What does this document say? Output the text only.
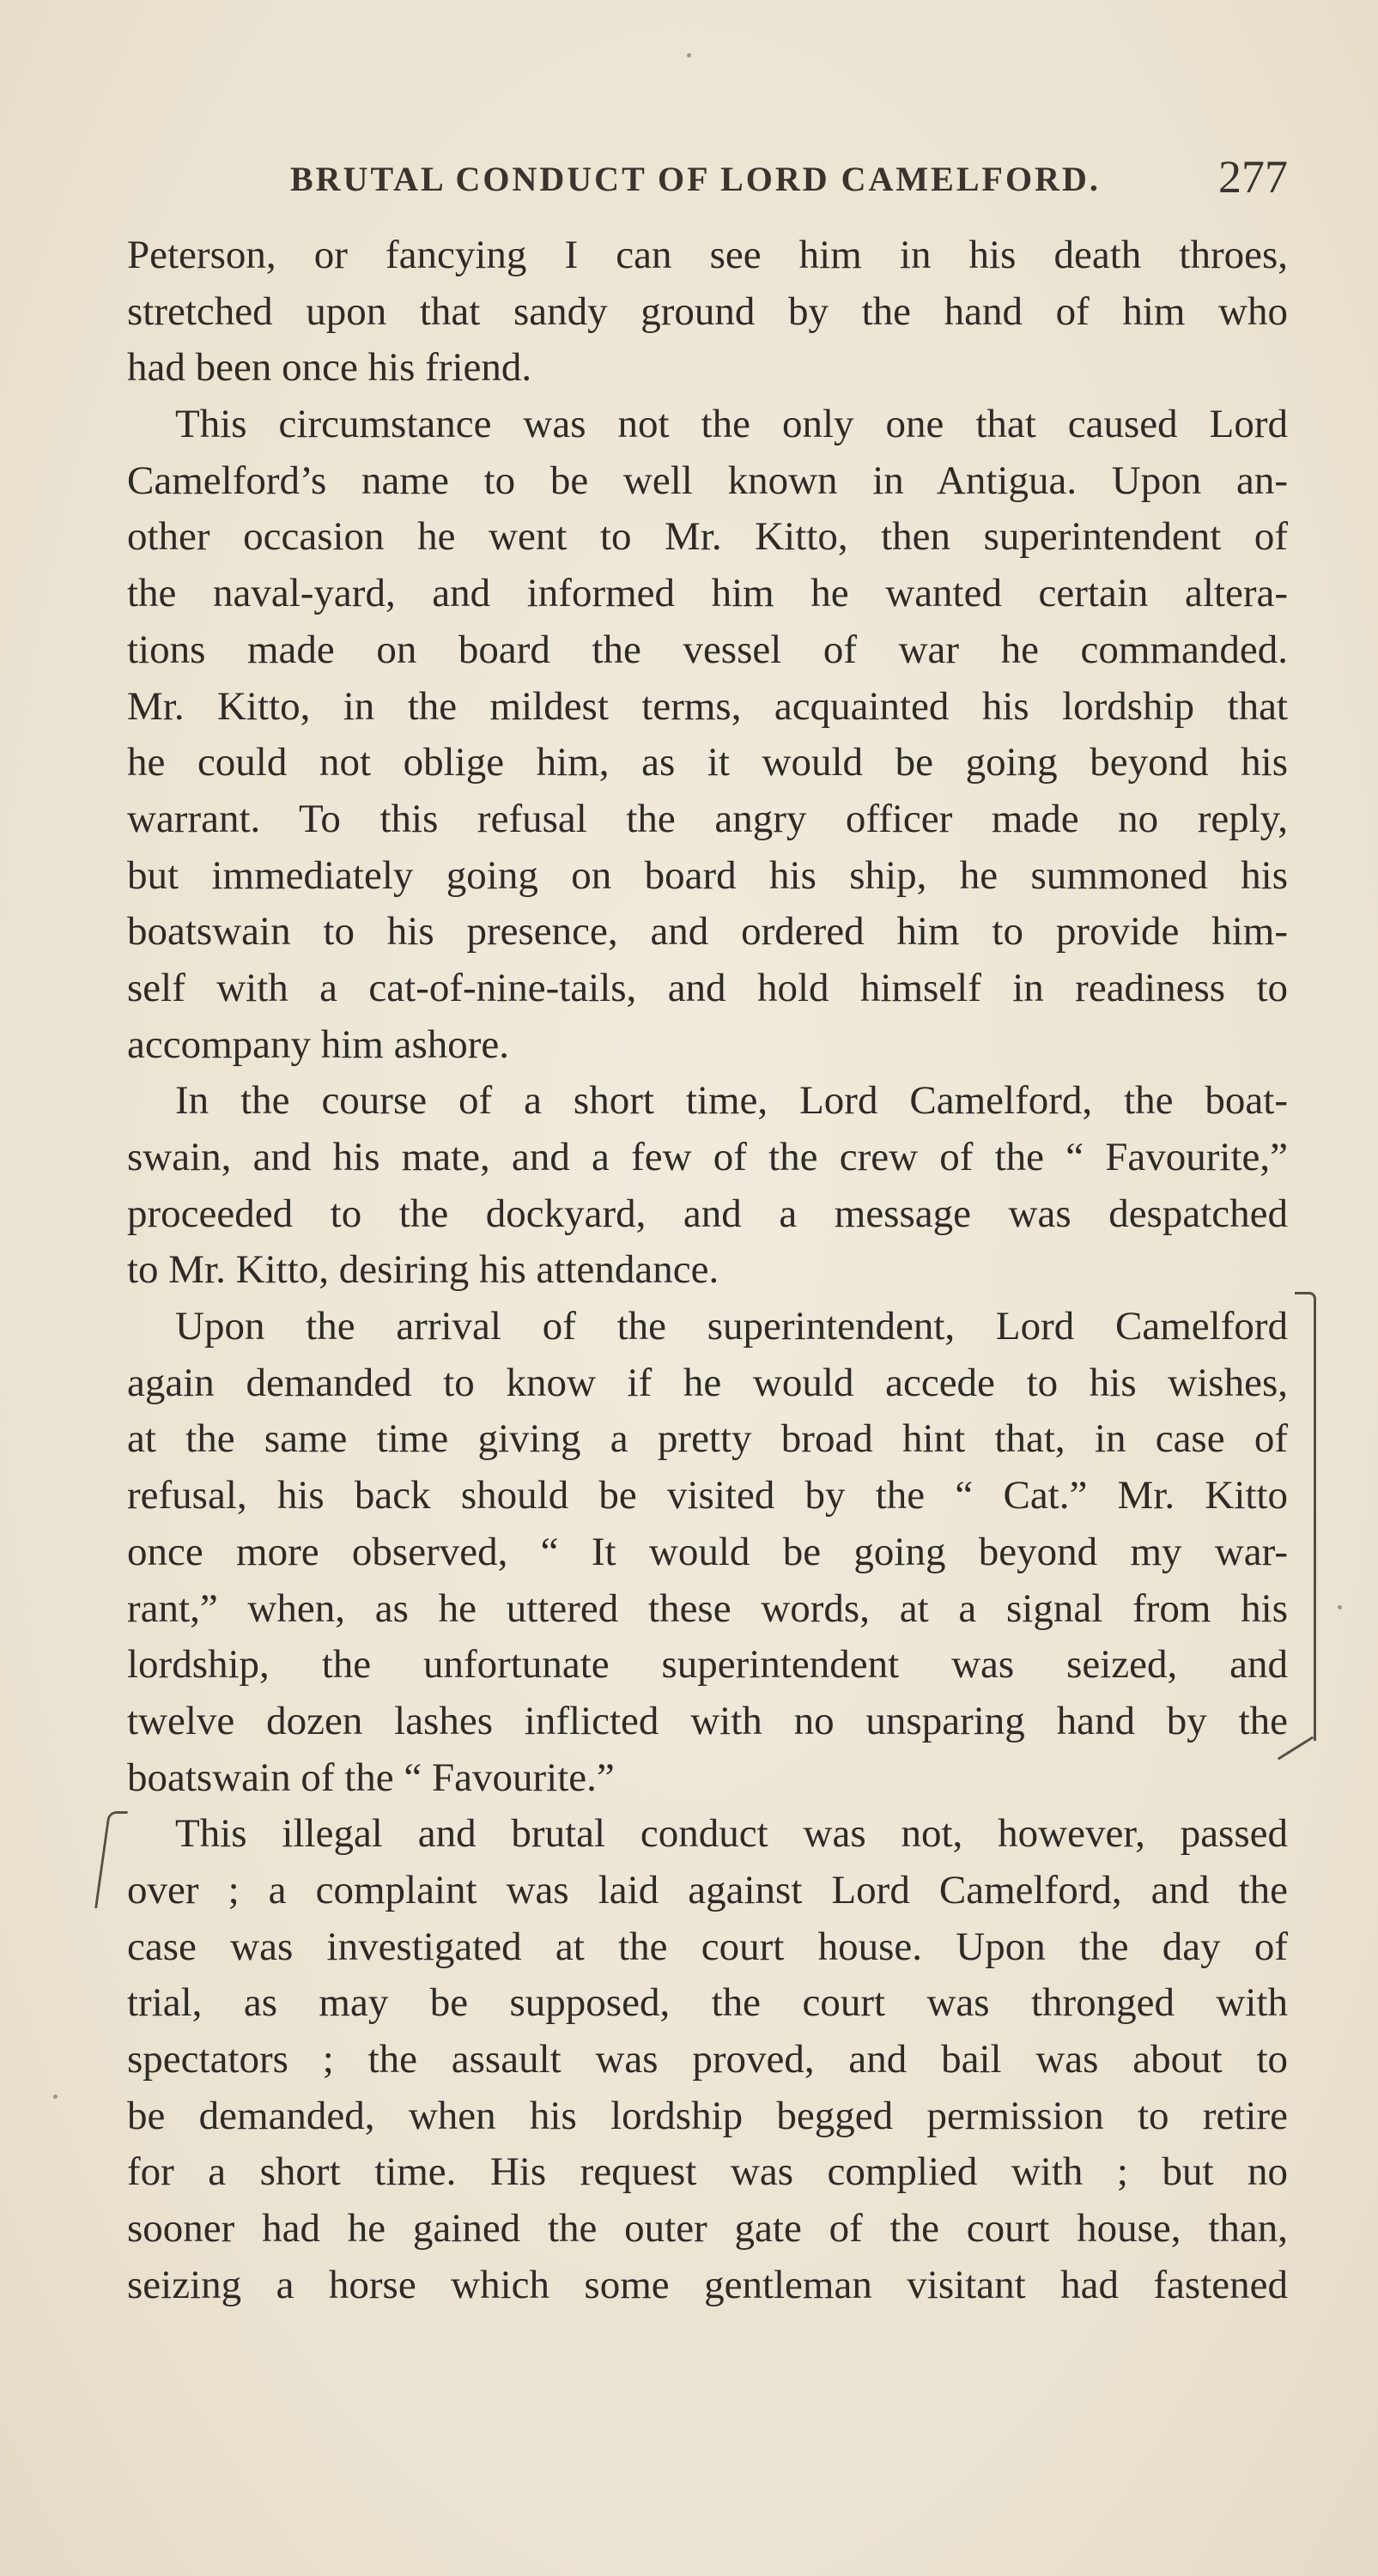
BRUTAL CONDUCT OF LORD CAMELFORD.	277
Peterson, or fancying I can see him in his death throes,
stretched upon that sandy ground by the hand of him who
had been once his friend.
This circumstance was not the only one that caused Lord
Camelford’s name to be well known in Antigua. Upon an-
other occasion he went to Mr. Kitto, then superintendent of
the naval-yard, and informed him he wanted certain altera-
tions made on board the vessel of war he commanded.
Mr. Kitto, in the mildest terms, acquainted his lordship that
he could not oblige him, as it would be going beyond his
warrant. To this refusal the angry officer made no reply,
but immediately going on board his ship, he summoned his
boatswain to his presence, and ordered him to provide him-
self with a cat-of-nine-tails, and hold himself in readiness to
accompany him ashore.
In the course of a short time, Lord Camelford, the boat-
swain, and his mate, and a few of the crew of the “ Favourite,”
proceeded to the dockyard, and a message was despatched
to Mr. Kitto, desiring his attendance.
Upon the arrival of the superintendent, Lord Camelford
again demanded to know if he would accede to his wishes,
at the same time giving a pretty broad hint that, in case of
refusal, his back should be visited by the “ Cat.” Mr. Kitto
once more observed, “ It would be going beyond my war-
rant,” when, as he uttered these words, at a signal from his
lordship, the unfortunate superintendent was seized, and
twelve dozen lashes inflicted with no unsparing hand by the
boatswain of the “ Favourite.”
This illegal and brutal conduct was not, however, passed
over ; a complaint was laid against Lord Camelford, and the
case was investigated at the court house. Upon the day of
trial, as may be supposed, the court was thronged with
spectators ; the assault was proved, and bail was about to
be demanded, when his lordship begged permission to retire
for a short time. His request was complied with ; but no
sooner had he gained the outer gate of the court house, than,
seizing a horse which some gentleman visitant had fastened
